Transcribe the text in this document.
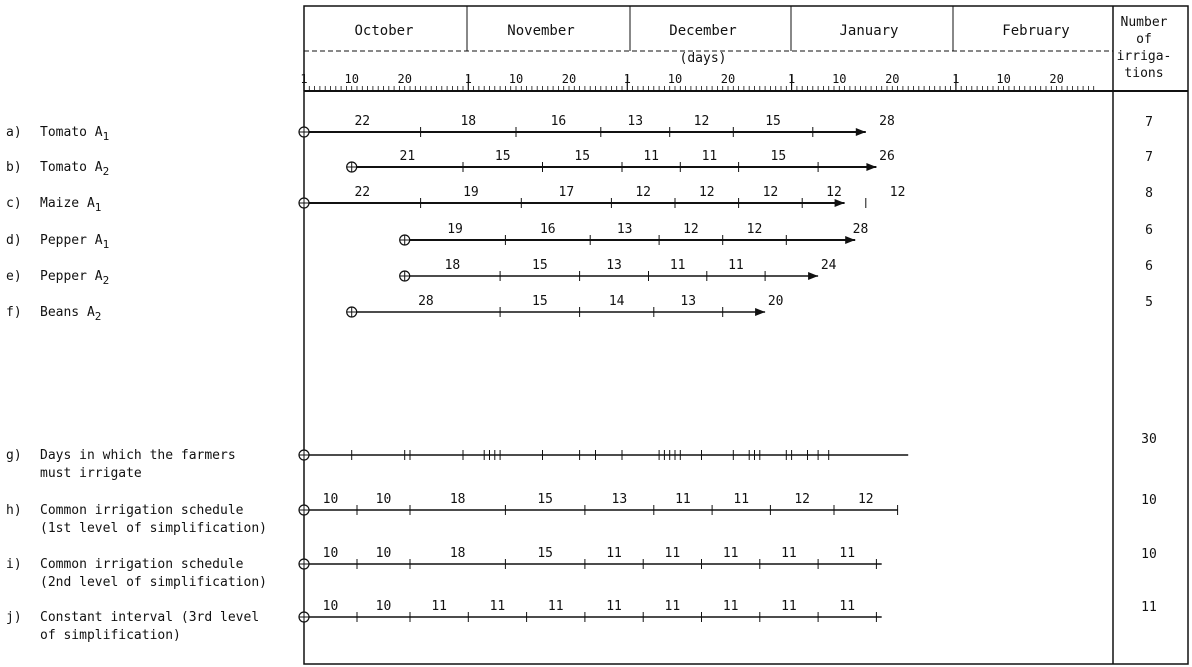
October	November	December	January	February
(days)
Number
of
irriga-
tions
1	10	20	1	10	20	1	10	20	1	10	20	1	10	20
a) Tomato $A_1$
22	18	16	13	12	15	28	7
b) Tomato $A_2$
21	15	15	11	11	15	26	7
c) Maize $A_1$
22	19	17	12	12	12	12	12	8
d) Pepper $A_1$
19	16	13	12	12	28	6
e) Pepper $A_2$
18	15	13	11	11	24	6
f) Beans $A_2$
28	15	14	13	20	5
g) Days in which the farmers
must irrigate
30
h) Common irrigation schedule
(1st level of simplification)
10	10	18	15	13	11	11	12	12	10
i) Common irrigation schedule
(2nd level of simplification)
10	10	18	15	11	11	11	11	11	10
j) Constant interval (3rd level
of simplification)
10	10	11	11	11	11	11	11	11	11	11
